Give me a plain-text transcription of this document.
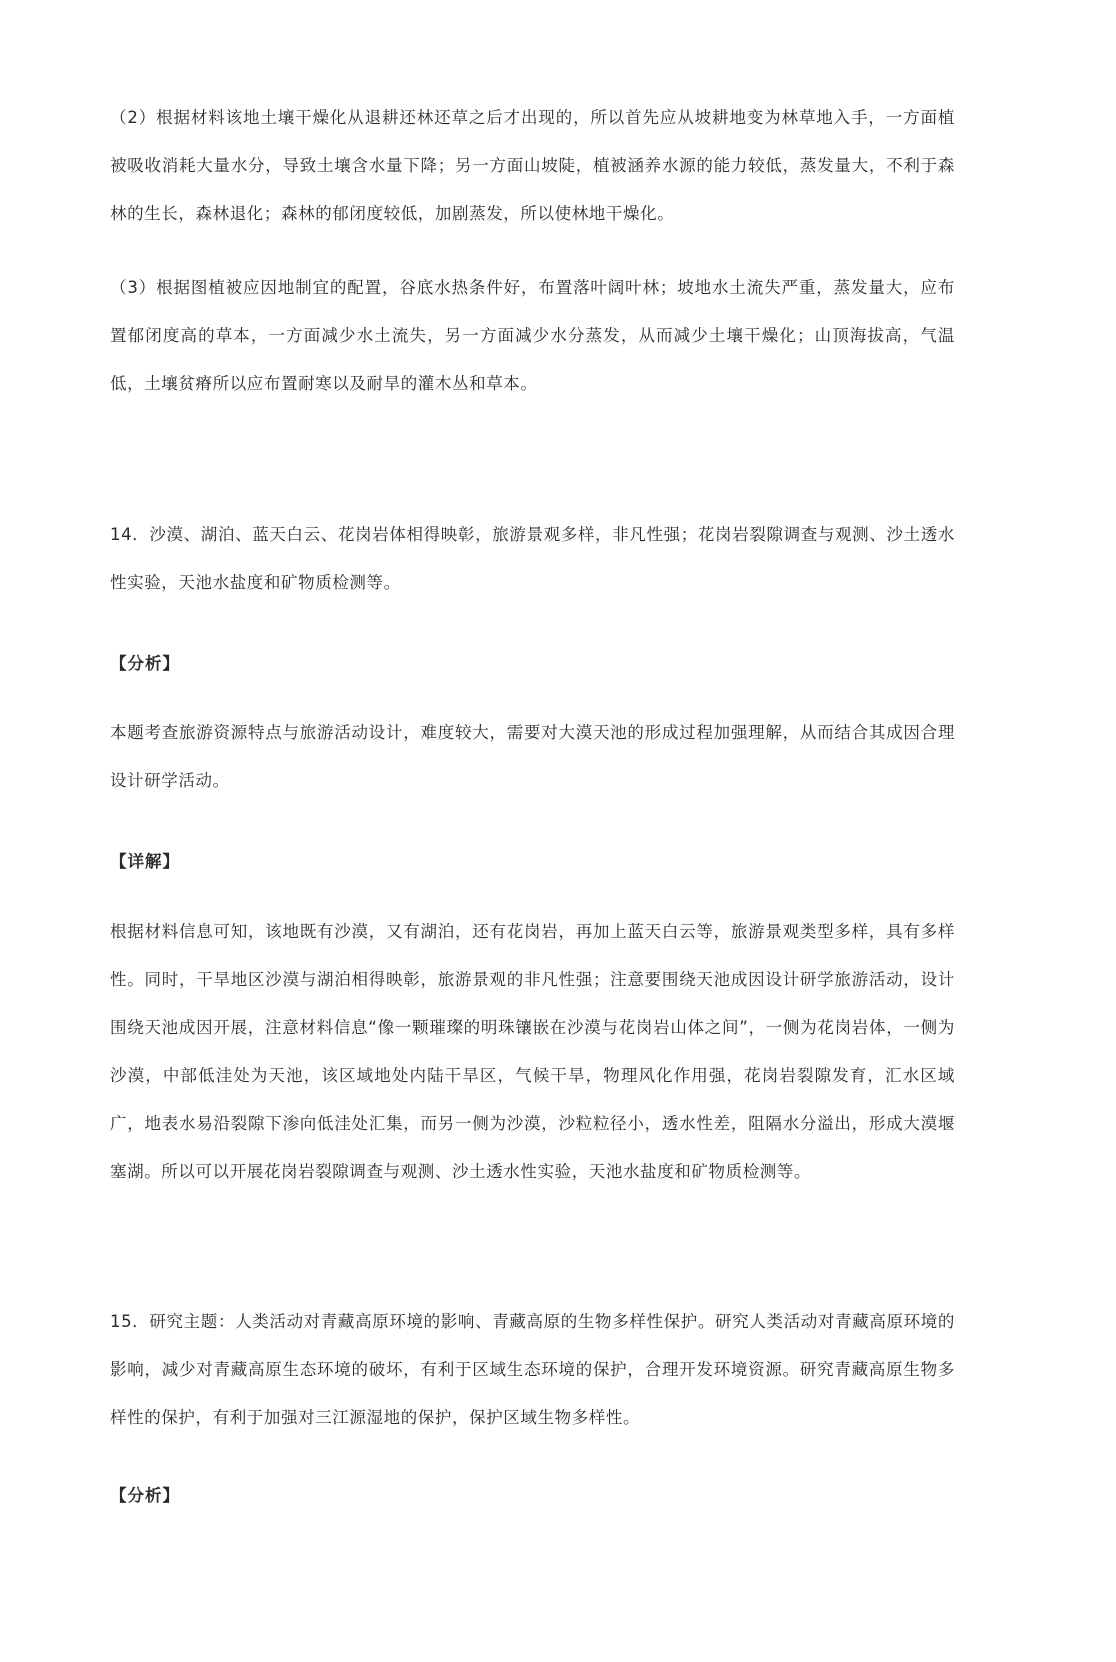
（2）根据材料该地土壤干燥化从退耕还林还草之后才出现的，所以首先应从坡耕地变为林草地入手，一方面植被吸收消耗大量水分，导致土壤含水量下降；另一方面山坡陡，植被涵养水源的能力较低，蒸发量大，不利于森林的生长，森林退化；森林的郁闭度较低，加剧蒸发，所以使林地干燥化。
（3）根据图植被应因地制宜的配置，谷底水热条件好，布置落叶阔叶林；坡地水土流失严重，蒸发量大，应布置郁闭度高的草本，一方面减少水土流失，另一方面减少水分蒸发，从而减少土壤干燥化；山顶海拔高，气温低，土壤贫瘠所以应布置耐寒以及耐旱的灌木丛和草本。
14．沙漠、湖泊、蓝天白云、花岗岩体相得映彰，旅游景观多样，非凡性强；花岗岩裂隙调查与观测、沙土透水性实验，天池水盐度和矿物质检测等。
【分析】
本题考查旅游资源特点与旅游活动设计，难度较大，需要对大漠天池的形成过程加强理解，从而结合其成因合理设计研学活动。
【详解】
根据材料信息可知，该地既有沙漠，又有湖泊，还有花岗岩，再加上蓝天白云等，旅游景观类型多样，具有多样性。同时，干旱地区沙漠与湖泊相得映彰，旅游景观的非凡性强；注意要围绕天池成因设计研学旅游活动，设计围绕天池成因开展，注意材料信息“像一颗璀璨的明珠镶嵌在沙漠与花岗岩山体之间”，一侧为花岗岩体，一侧为沙漠，中部低洼处为天池，该区域地处内陆干旱区，气候干旱，物理风化作用强，花岗岩裂隙发育，汇水区域广，地表水易沿裂隙下渗向低洼处汇集，而另一侧为沙漠，沙粒粒径小，透水性差，阻隔水分溢出，形成大漠堰塞湖。所以可以开展花岗岩裂隙调查与观测、沙土透水性实验，天池水盐度和矿物质检测等。
15．研究主题：人类活动对青藏高原环境的影响、青藏高原的生物多样性保护。研究人类活动对青藏高原环境的影响，减少对青藏高原生态环境的破坏，有利于区域生态环境的保护，合理开发环境资源。研究青藏高原生物多样性的保护，有利于加强对三江源湿地的保护，保护区域生物多样性。
【分析】
